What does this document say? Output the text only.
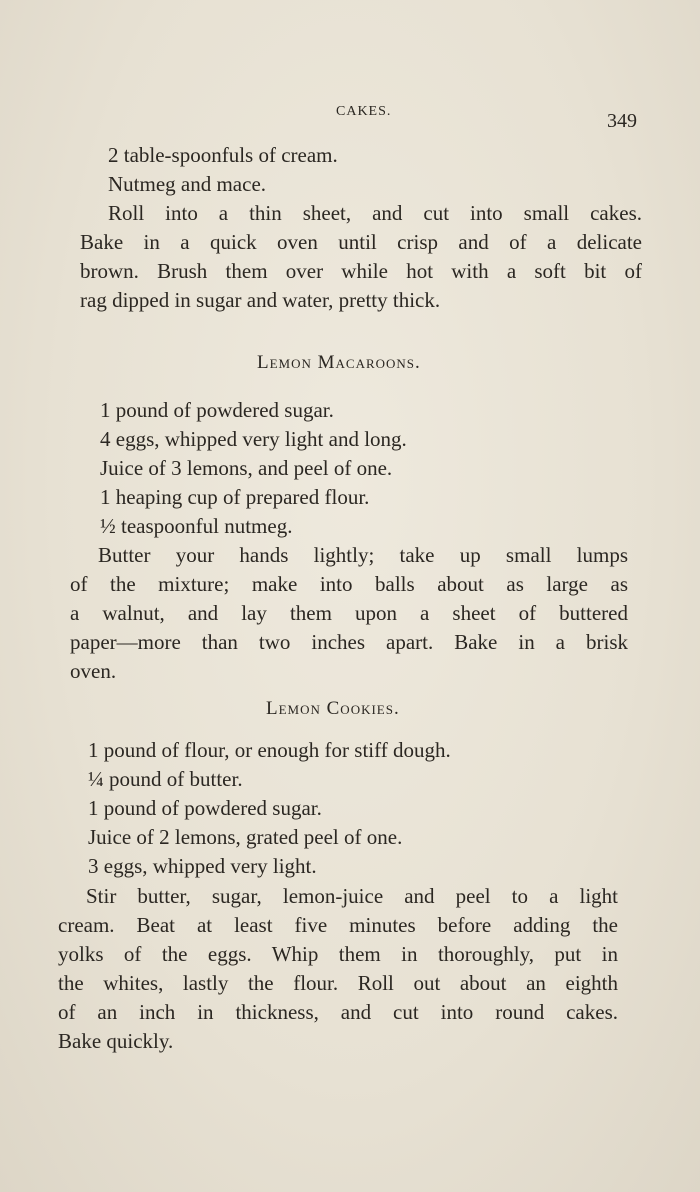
CAKES.	349
2 table-spoonfuls of cream.
Nutmeg and mace.
Roll into a thin sheet, and cut into small cakes.
Bake in a quick oven until crisp and of a delicate
brown. Brush them over while hot with a soft bit of
rag dipped in sugar and water, pretty thick.
Lemon Macaroons.
1 pound of powdered sugar.
4 eggs, whipped very light and long.
Juice of 3 lemons, and peel of one.
1 heaping cup of prepared flour.
½ teaspoonful nutmeg.
Butter your hands lightly; take up small lumps
of the mixture; make into balls about as large as
a walnut, and lay them upon a sheet of buttered
paper—more than two inches apart. Bake in a brisk
oven.
Lemon Cookies.
1 pound of flour, or enough for stiff dough.
¼ pound of butter.
1 pound of powdered sugar.
Juice of 2 lemons, grated peel of one.
3 eggs, whipped very light.
Stir butter, sugar, lemon-juice and peel to a light
cream. Beat at least five minutes before adding the
yolks of the eggs. Whip them in thoroughly, put in
the whites, lastly the flour. Roll out about an eighth
of an inch in thickness, and cut into round cakes.
Bake quickly.
